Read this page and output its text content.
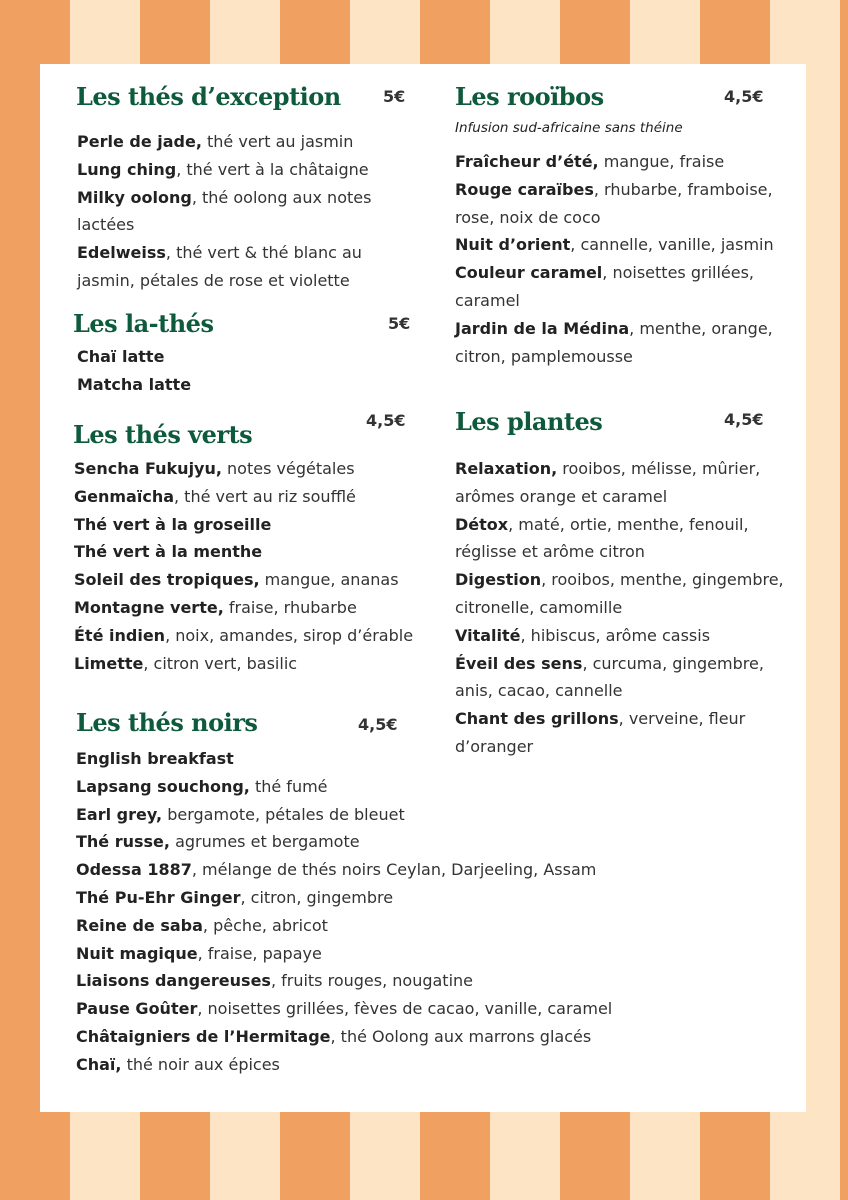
Les thés d’exception	5€
Perle de jade, thé vert au jasmin
Lung ching, thé vert à la châtaigne
Milky oolong, thé oolong aux notes lactées
Edelweiss, thé vert & thé blanc au jasmin, pétales de rose et violette
Les la-thés	5€
Chaï latte
Matcha latte
Les thés verts	4,5€
Sencha Fukujyu, notes végétales
Genmaïcha, thé vert au riz soufflé
Thé vert à la groseille
Thé vert à la menthe
Soleil des tropiques, mangue, ananas
Montagne verte, fraise, rhubarbe
Été indien, noix, amandes, sirop d’érable
Limette, citron vert, basilic
Les thés noirs	4,5€
English breakfast
Lapsang souchong, thé fumé
Earl grey, bergamote, pétales de bleuet
Thé russe, agrumes et bergamote
Odessa 1887, mélange de thés noirs Ceylan, Darjeeling, Assam
Thé Pu-Ehr Ginger, citron, gingembre
Reine de saba, pêche, abricot
Nuit magique, fraise, papaye
Liaisons dangereuses, fruits rouges, nougatine
Pause Goûter, noisettes grillées, fèves de cacao, vanille, caramel
Châtaigniers de l’Hermitage, thé Oolong aux marrons glacés
Chaï, thé noir aux épices
Les rooïbos	4,5€
Infusion sud-africaine sans théine
Fraîcheur d’été, mangue, fraise
Rouge caraïbes, rhubarbe, framboise, rose, noix de coco
Nuit d’orient, cannelle, vanille, jasmin
Couleur caramel, noisettes grillées, caramel
Jardin de la Médina, menthe, orange, citron, pamplemousse
Les plantes	4,5€
Relaxation, rooibos, mélisse, mûrier, arômes orange et caramel
Détox, maté, ortie, menthe, fenouil, réglisse et arôme citron
Digestion, rooibos, menthe, gingembre, citronelle, camomille
Vitalité, hibiscus, arôme cassis
Éveil des sens, curcuma, gingembre, anis, cacao, cannelle
Chant des grillons, verveine, fleur d’oranger
